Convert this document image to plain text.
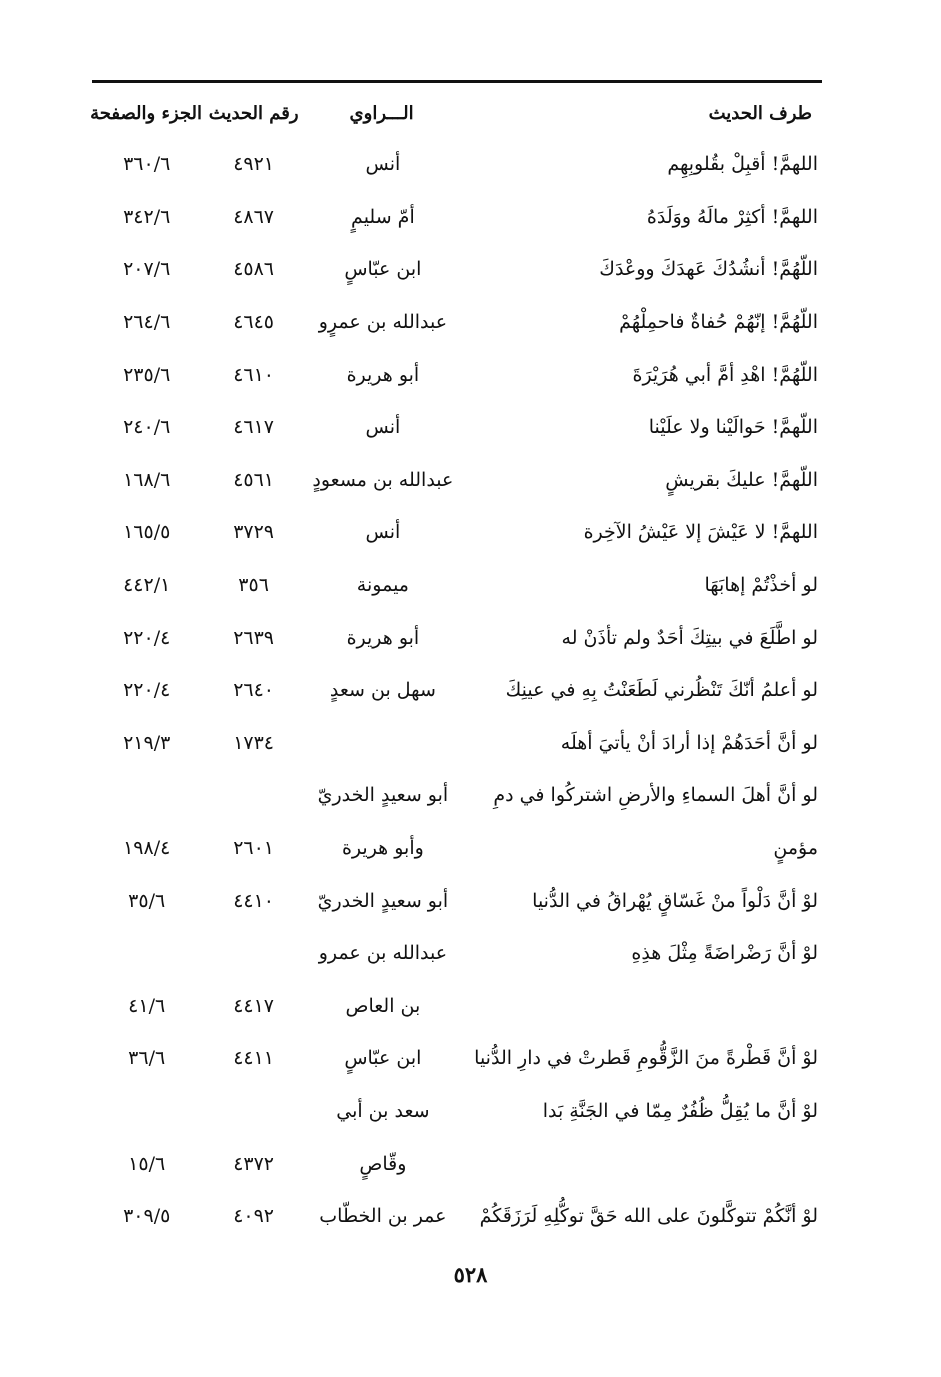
طرف الحديث
الـــراوي
رقم الحديث
الجزء والصفحة
اللهمَّ! أقبِلْ بقُلوبِهِم
أنس
٤٩٢١
٣٦٠/٦
اللهمَّ! أكثِرْ مالَهُ ووَلَدَهُ
أمّ سليمٍ
٤٨٦٧
٣٤٢/٦
اللّهُمَّ! أنشُدُكَ عَهدَكَ ووعْدَكَ
ابن عبّاسٍ
٤٥٨٦
٢٠٧/٦
اللّهُمَّ! إنّهُمْ حُفاةٌ فاحمِلْهُمْ
عبدالله بن عمرٍو
٤٦٤٥
٢٦٤/٦
اللّهُمَّ! اهْدِ أمَّ أبي هُرَيْرَةَ
أبو هريرة
٤٦١٠
٢٣٥/٦
اللّهمَّ! حَوالَيْنا ولا علَيْنا
أنس
٤٦١٧
٢٤٠/٦
اللّهمَّ! عليكَ بقريشٍ
عبدالله بن مسعودٍ
٤٥٦١
١٦٨/٦
اللهمَّ! لا عَيْشَ إلا عَيْشُ الآخِرة
أنس
٣٧٢٩
١٦٥/٥
لو أخذْتُمْ إهابَهَا
ميمونة
٣٥٦
٤٤٢/١
لو اطَّلَعَ في بيتِكَ أحَدٌ ولم تأذَنْ له
أبو هريرة
٢٦٣٩
٢٢٠/٤
لو أعلمُ أنّكَ تَنْظُرني لَطَعَنْتُ بِهِ في عينِكَ
سهل بن سعدٍ
٢٦٤٠
٢٢٠/٤
لو أنَّ أحَدَهُمْ إذا أرادَ أنْ يأتيَ أهلَه
١٧٣٤
٢١٩/٣
لو أنَّ أهلَ السماءِ والأرضِ اشتركُوا في دمِ
أبو سعيدٍ الخدريّ
مؤمنٍ
وأبو هريرة
٢٦٠١
١٩٨/٤
لوْ أنَّ دَلْواً منْ غَسّاقٍ يُهْراقُ في الدُّنيا
أبو سعيدٍ الخدريّ
٤٤١٠
٣٥/٦
لوْ أنَّ رَضْراضَةً مِثْلَ هذِهِ
عبدالله بن عمرو
بن العاص
٤٤١٧
٤١/٦
لوْ أنَّ قَطْرةً منَ الزَّقُّومِ قَطرتْ في دارِ الدُّنيا
ابن عبّاسٍ
٤٤١١
٣٦/٦
لوْ أنَّ ما يُقِلُّ ظُفُرٌ مِمّا في الجَنَّةِ بَدا
سعد بن أبي
وقّاصٍ
٤٣٧٢
١٥/٦
لوْ أنَّكُمْ تتوكَّلونَ على الله حَقَّ توكُّلِهِ لَرَزَقَكُمْ
عمر بن الخطّاب
٤٠٩٢
٣٠٩/٥
٥٢٨
